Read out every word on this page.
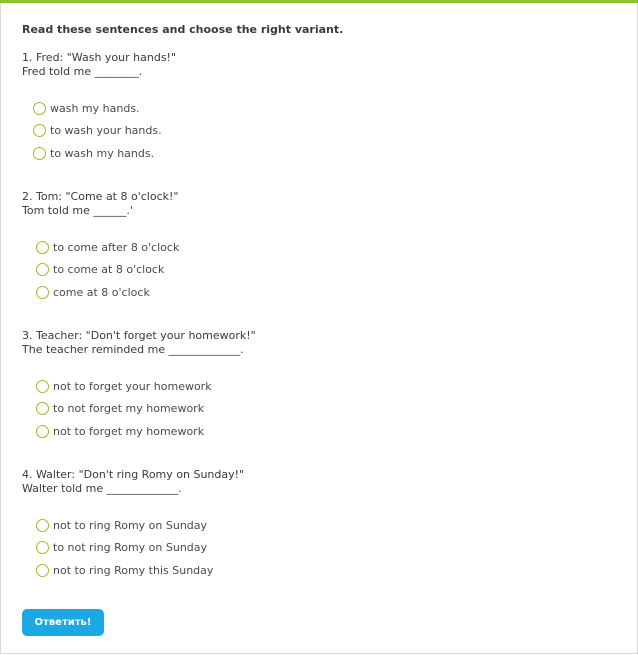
Read these sentences and choose the right variant.

1. Fred: "Wash your hands!"
Fred told me ________.
wash my hands.
to wash your hands.
to wash my hands.
2. Tom: "Come at 8 o'clock!"
Tom told me ______.'
to come after 8 o'clock
to come at 8 o'clock
come at 8 o'clock
3. Teacher: "Don't forget your homework!"
The teacher reminded me _____________.
not to forget your homework
to not forget my homework
not to forget my homework
4. Walter: "Don't ring Romy on Sunday!"
Walter told me _____________.
not to ring Romy on Sunday
to not ring Romy on Sunday
not to ring Romy this Sunday
Ответить!
